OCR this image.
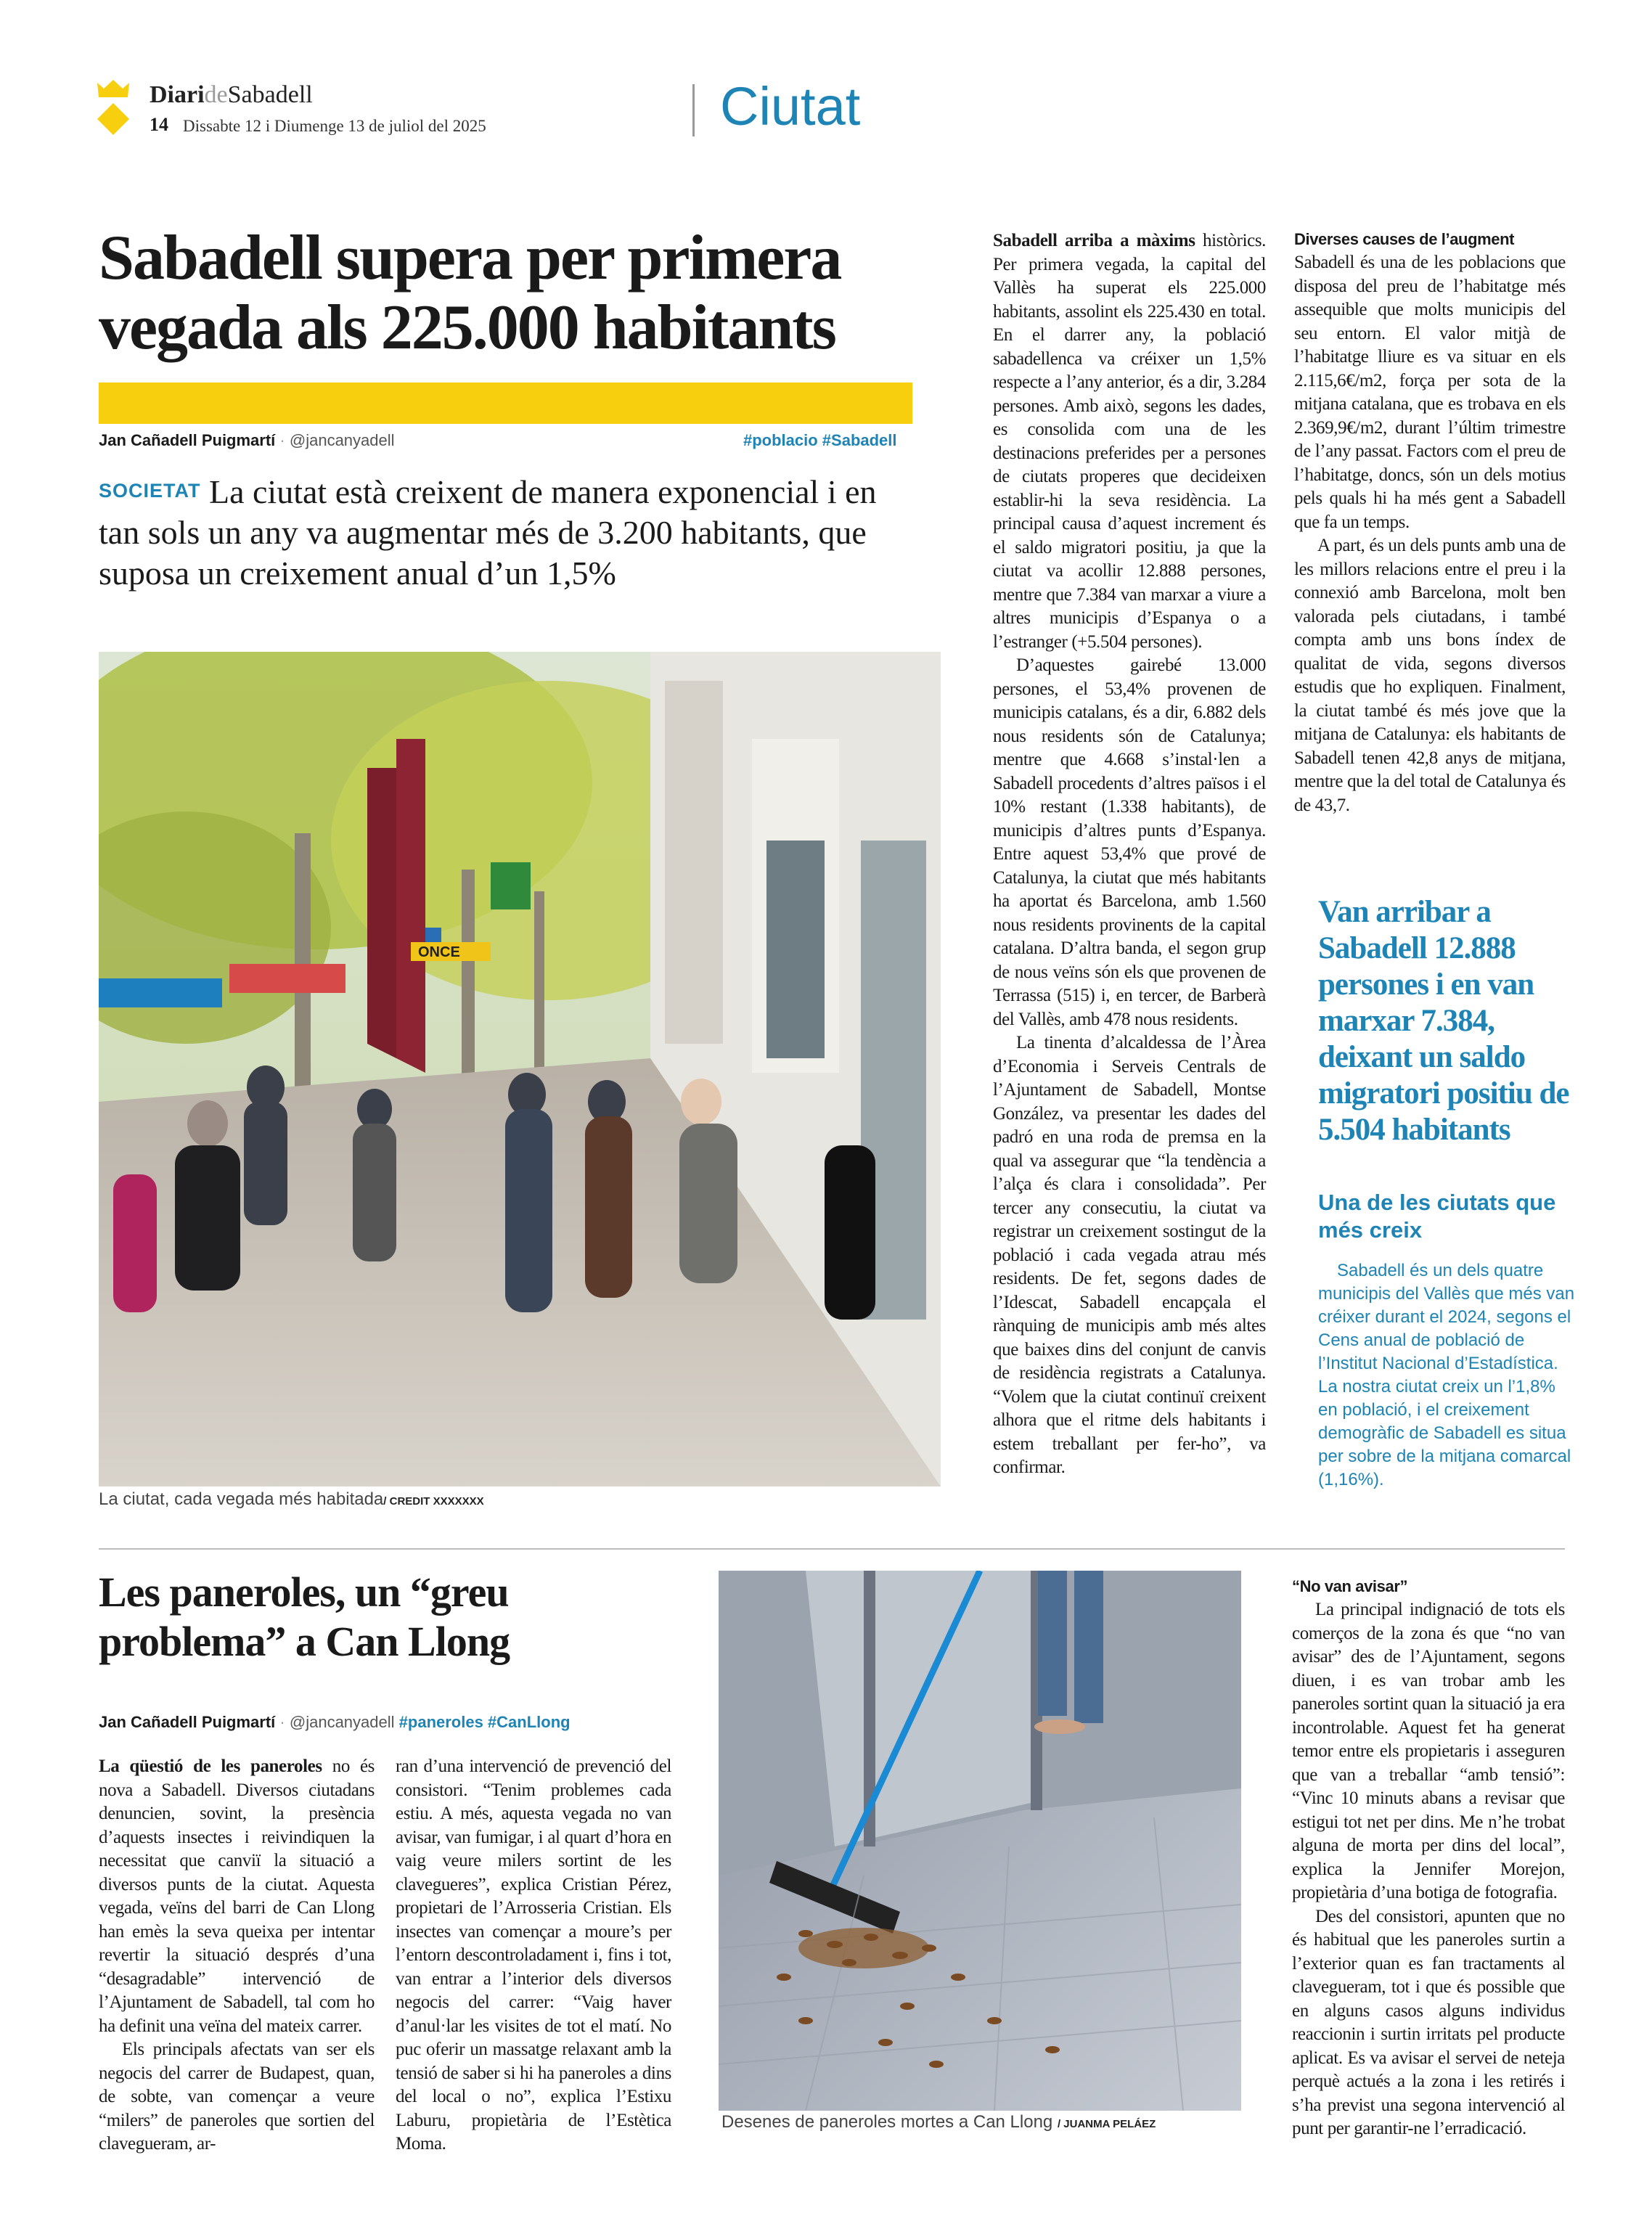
DiarideSabadell
14 Dissabte 12 i Diumenge 13 de juliol del 2025	Ciutat
Sabadell supera per primera vegada als 225.000 habitants
Jan Cañadell Puigmartí · @jancanyadell	#poblacio #Sabadell
SOCIETAT La ciutat està creixent de manera exponencial i en tan sols un any va augmentar més de 3.200 habitants, que suposa un creixement anual d’un 1,5%
ONCE
La ciutat, cada vegada més habitada/ CREDIT XXXXXXX

Sabadell arriba a màxims històrics. Per primera vegada, la capital del Vallès ha superat els 225.000 habitants, assolint els 225.430 en total. En el darrer any, la població sabadellenca va créixer un 1,5% respecte a l’any anterior, és a dir, 3.284 persones. Amb això, segons les dades, es consolida com una de les destinacions preferides per a persones de ciutats properes que decideixen establir-hi la seva residència. La principal causa d’aquest increment és el saldo migratori positiu, ja que la ciutat va acollir 12.888 persones, mentre que 7.384 van marxar a viure a altres municipis d’Espanya o a l’estranger (+5.504 persones).

D’aquestes gairebé 13.000 persones, el 53,4% provenen de municipis catalans, és a dir, 6.882 dels nous residents són de Catalunya; mentre que 4.668 s’instal·len a Sabadell procedents d’altres països i el 10% restant (1.338 habitants), de municipis d’altres punts d’Espanya. Entre aquest 53,4% que prové de Catalunya, la ciutat que més habitants ha aportat és Barcelona, amb 1.560 nous residents provinents de la capital catalana. D’altra banda, el segon grup de nous veïns són els que provenen de Terrassa (515) i, en tercer, de Barberà del Vallès, amb 478 nous residents.

La tinenta d’alcaldessa de l’Àrea d’Economia i Serveis Centrals de l’Ajuntament de Sabadell, Montse González, va presentar les dades del padró en una roda de premsa en la qual va assegurar que “la tendència a l’alça és clara i consolidada”. Per tercer any consecutiu, la ciutat va registrar un creixement sostingut de la població i cada vegada atrau més residents. De fet, segons dades de l’Idescat, Sabadell encapçala el rànquing de municipis amb més altes que baixes dins del conjunt de canvis de residència registrats a Catalunya. “Volem que la ciutat continuï creixent alhora que el ritme dels habitants i estem treballant per fer-ho”, va confirmar.

Diverses causes de l’augment

Sabadell és una de les poblacions que disposa del preu de l’habitatge més assequible que molts municipis del seu entorn. El valor mitjà de l’habitatge lliure es va situar en els 2.115,6€/m2, força per sota de la mitjana catalana, que es trobava en els 2.369,9€/m2, durant l’últim trimestre de l’any passat. Factors com el preu de l’habitatge, doncs, són un dels motius pels quals hi ha més gent a Sabadell que fa un temps.

A part, és un dels punts amb una de les millors relacions entre el preu i la connexió amb Barcelona, molt ben valorada pels ciutadans, i també compta amb uns bons índex de qualitat de vida, segons diversos estudis que ho expliquen. Finalment, la ciutat també és més jove que la mitjana de Catalunya: els habitants de Sabadell tenen 42,8 anys de mitjana, mentre que la del total de Catalunya és de 43,7.

Van arribar a Sabadell 12.888 persones i en van marxar 7.384, deixant un saldo migratori positiu de 5.504 habitants
Una de les ciutats que més creix
Sabadell és un dels quatre municipis del Vallès que més van créixer durant el 2024, segons el Cens anual de població de l’Institut Nacional d’Estadística. La nostra ciutat creix un l’1,8% en població, i el creixement demogràfic de Sabadell es situa per sobre de la mitjana comarcal (1,16%).
Les paneroles, un “greu problema” a Can Llong
Jan Cañadell Puigmartí · @jancanyadell #paneroles #CanLlong

La qüestió de les paneroles no és nova a Sabadell. Diversos ciutadans denuncien, sovint, la presència d’aquests insectes i reivindiquen la necessitat que canviï la situació a diversos punts de la ciutat. Aquesta vegada, veïns del barri de Can Llong han emès la seva queixa per intentar revertir la situació després d’una “desagradable” intervenció de l’Ajuntament de Sabadell, tal com ho ha definit una veïna del mateix carrer.

Els principals afectats van ser els negocis del carrer de Budapest, quan, de sobte, van començar a veure “milers” de paneroles que sortien del clavegueram, ar-

ran d’una intervenció de prevenció del consistori. “Tenim problemes cada estiu. A més, aquesta vegada no van avisar, van fumigar, i al quart d’hora en vaig veure milers sortint de les clavegueres”, explica Cristian Pérez, propietari de l’Arrosseria Cristian. Els insectes van començar a moure’s per l’entorn descontroladament i, fins i tot, van entrar a l’interior dels diversos negocis del carrer: “Vaig haver d’anul·lar les visites de tot el matí. No puc oferir un massatge relaxant amb la tensió de saber si hi ha paneroles a dins del local o no”, explica l’Estixu Laburu, propietària de l’Estètica Moma.

Desenes de paneroles mortes a Can Llong / JUANMA PELÁEZ
“No van avisar”

La principal indignació de tots els comerços de la zona és que “no van avisar” des de l’Ajuntament, segons diuen, i es van trobar amb les paneroles sortint quan la situació ja era incontrolable. Aquest fet ha generat temor entre els propietaris i asseguren que van a treballar “amb tensió”: “Vinc 10 minuts abans a revisar que estigui tot net per dins. Me n’he trobat alguna de morta per dins del local”, explica la Jennifer Morejon, propietària d’una botiga de fotografia.

Des del consistori, apunten que no és habitual que les paneroles surtin a l’exterior quan es fan tractaments al clavegueram, tot i que és possible que en alguns casos alguns individus reaccionin i surtin irritats pel producte aplicat. Es va avisar el servei de neteja perquè actués a la zona i les retirés i s’ha previst una segona intervenció al punt per garantir-ne l’erradicació.
